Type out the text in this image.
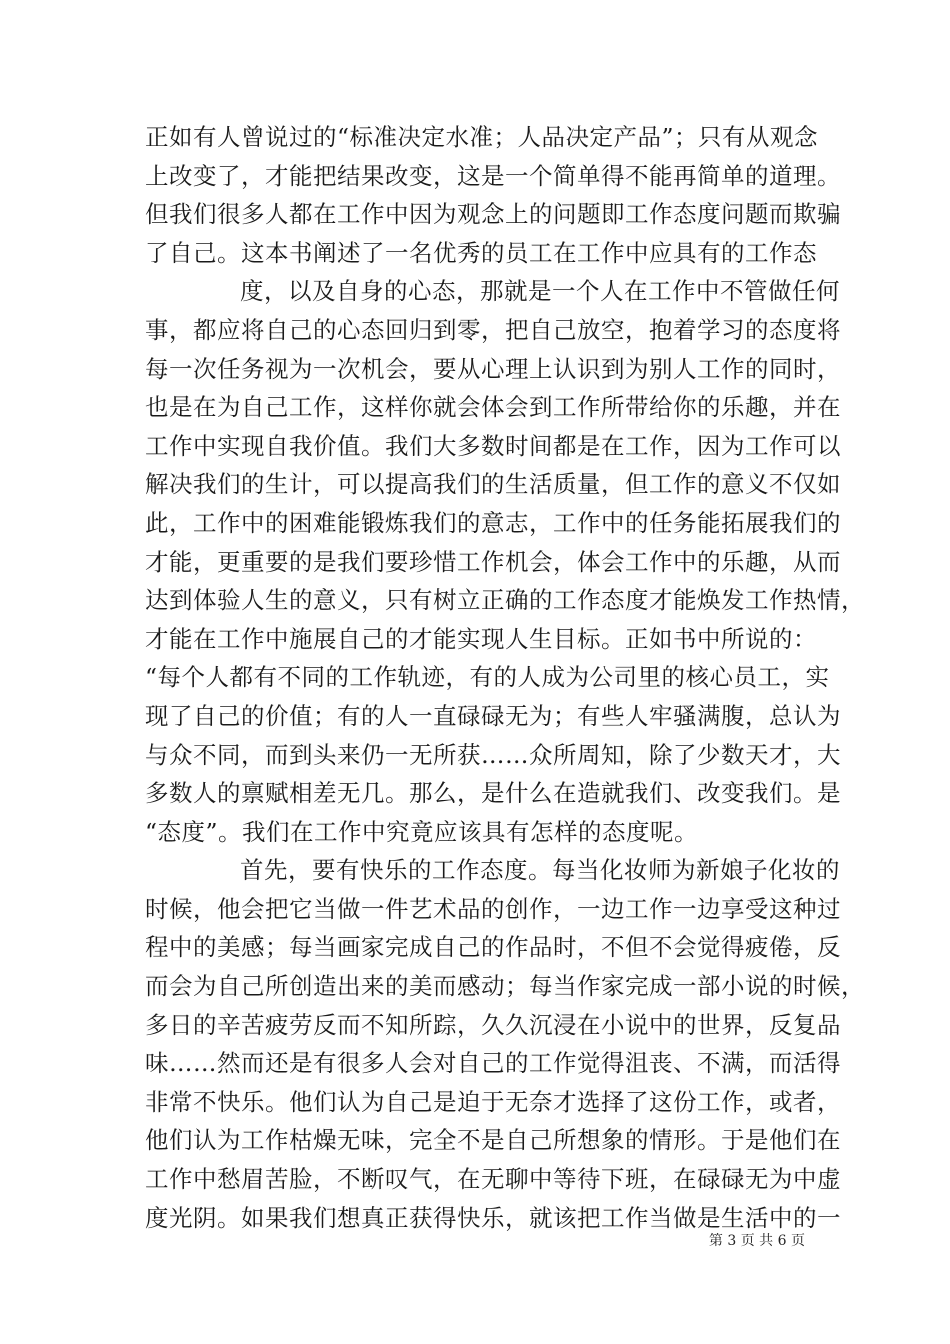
正如有人曾说过的“标准决定水准；人品决定产品”；只有从观念
上改变了，才能把结果改变，这是一个简单得不能再简单的道理。
但我们很多人都在工作中因为观念上的问题即工作态度问题而欺骗
了自己。这本书阐述了一名优秀的员工在工作中应具有的工作态
度，以及自身的心态，那就是一个人在工作中不管做任何
事，都应将自己的心态回归到零，把自己放空，抱着学习的态度将
每一次任务视为一次机会，要从心理上认识到为别人工作的同时，
也是在为自己工作，这样你就会体会到工作所带给你的乐趣，并在
工作中实现自我价值。我们大多数时间都是在工作，因为工作可以
解决我们的生计，可以提高我们的生活质量，但工作的意义不仅如
此，工作中的困难能锻炼我们的意志，工作中的任务能拓展我们的
才能，更重要的是我们要珍惜工作机会，体会工作中的乐趣，从而
达到体验人生的意义，只有树立正确的工作态度才能焕发工作热情，
才能在工作中施展自己的才能实现人生目标。正如书中所说的：
“每个人都有不同的工作轨迹，有的人成为公司里的核心员工，实
现了自己的价值；有的人一直碌碌无为；有些人牢骚满腹，总认为
与众不同，而到头来仍一无所获……众所周知，除了少数天才，大
多数人的禀赋相差无几。那么，是什么在造就我们、改变我们。是
“态度”。我们在工作中究竟应该具有怎样的态度呢。
首先，要有快乐的工作态度。每当化妆师为新娘子化妆的
时候，他会把它当做一件艺术品的创作，一边工作一边享受这种过
程中的美感；每当画家完成自己的作品时，不但不会觉得疲倦，反
而会为自己所创造出来的美而感动；每当作家完成一部小说的时候，
多日的辛苦疲劳反而不知所踪，久久沉浸在小说中的世界，反复品
味……然而还是有很多人会对自己的工作觉得沮丧、不满，而活得
非常不快乐。他们认为自己是迫于无奈才选择了这份工作，或者，
他们认为工作枯燥无味，完全不是自己所想象的情形。于是他们在
工作中愁眉苦脸，不断叹气，在无聊中等待下班，在碌碌无为中虚
度光阴。如果我们想真正获得快乐，就该把工作当做是生活中的一
第 3 页 共 6 页
